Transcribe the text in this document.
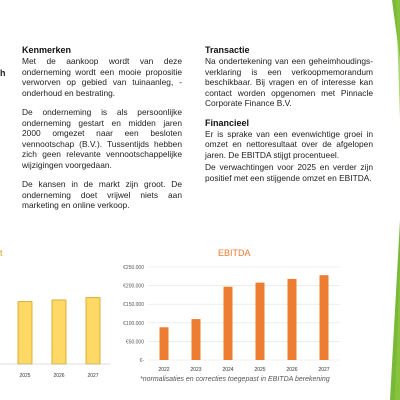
h
Kenmerken

Met de aankoop wordt van deze onderneming wordt een mooie propositie verworven op gebied van tuinaanleg, -onderhoud en bestrating.

De onderneming is als persoonlijke onderneming gestart en midden jaren 2000 omgezet naar een besloten vennootschap (B.V.). Tussentijds hebben zich geen relevante vennootschappelijke wijzigingen voorgedaan.

De kansen in de markt zijn groot. De onderneming doet vrijwel niets aan marketing en online verkoop.

Transactie

Na ondertekening van een geheimhoudings-verklaring is een verkoopmemorandum beschikbaar. Bij vragen en of interesse kan contact worden opgenomen met Pinnacle Corporate Finance B.V.

Financieel

Er is sprake van een evenwichtige groei in omzet en nettoresultaat over de afgelopen jaren. De EBITDA stijgt procentueel.

De verwachtingen voor 2025 en verder zijn positief met een stijgende omzet en EBITDA.

t
2025	2026	2027
EBITDA
€-
€50.000
€100.000
€150.000
€200.000
€250.000
2022	2023	2024	2025	2026	2027
*normalisaties en correcties toegepast in EBITDA berekening
